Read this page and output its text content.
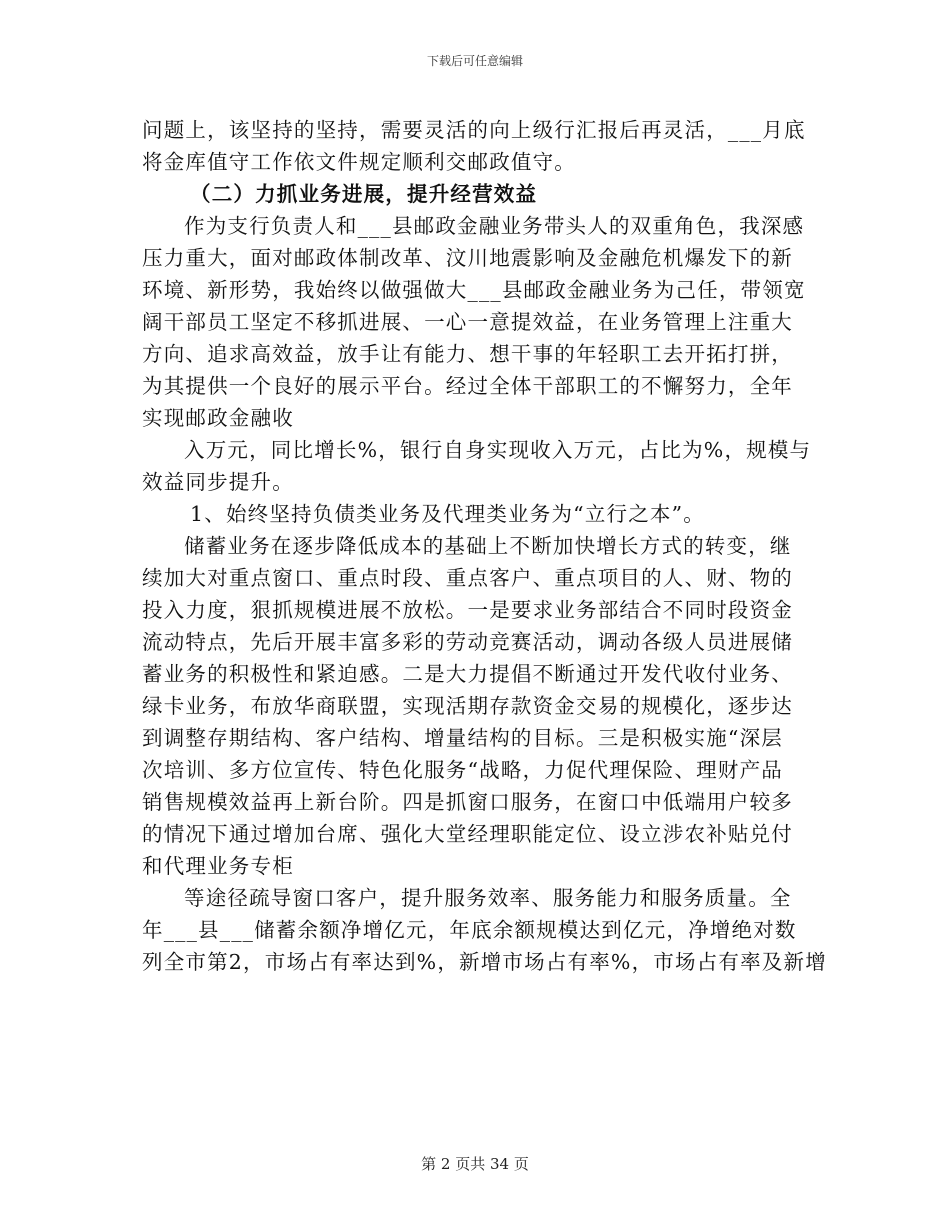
下载后可任意编辑
问题上，该坚持的坚持，需要灵活的向上级行汇报后再灵活，___月底
将金库值守工作依文件规定顺利交邮政值守。
（二）力抓业务进展，提升经营效益
作为支行负责人和___县邮政金融业务带头人的双重角色，我深感
压力重大，面对邮政体制改革、汶川地震影响及金融危机爆发下的新
环境、新形势，我始终以做强做大___县邮政金融业务为己任，带领宽
阔干部员工坚定不移抓进展、一心一意提效益，在业务管理上注重大
方向、追求高效益，放手让有能力、想干事的年轻职工去开拓打拼，
为其提供一个良好的展示平台。经过全体干部职工的不懈努力，全年
实现邮政金融收
入万元，同比增长%，银行自身实现收入万元，占比为%，规模与
效益同步提升。
1、始终坚持负债类业务及代理类业务为“立行之本”。
储蓄业务在逐步降低成本的基础上不断加快增长方式的转变，继
续加大对重点窗口、重点时段、重点客户、重点项目的人、财、物的
投入力度，狠抓规模进展不放松。一是要求业务部结合不同时段资金
流动特点，先后开展丰富多彩的劳动竞赛活动，调动各级人员进展储
蓄业务的积极性和紧迫感。二是大力提倡不断通过开发代收付业务、
绿卡业务，布放华商联盟，实现活期存款资金交易的规模化，逐步达
到调整存期结构、客户结构、增量结构的目标。三是积极实施“深层
次培训、多方位宣传、特色化服务“战略，力促代理保险、理财产品
销售规模效益再上新台阶。四是抓窗口服务，在窗口中低端用户较多
的情况下通过增加台席、强化大堂经理职能定位、设立涉农补贴兑付
和代理业务专柜
等途径疏导窗口客户，提升服务效率、服务能力和服务质量。全
年___县___储蓄余额净增亿元，年底余额规模达到亿元，净增绝对数
列全市第2，市场占有率达到%，新增市场占有率%，市场占有率及新增
第 2 页共 34 页
